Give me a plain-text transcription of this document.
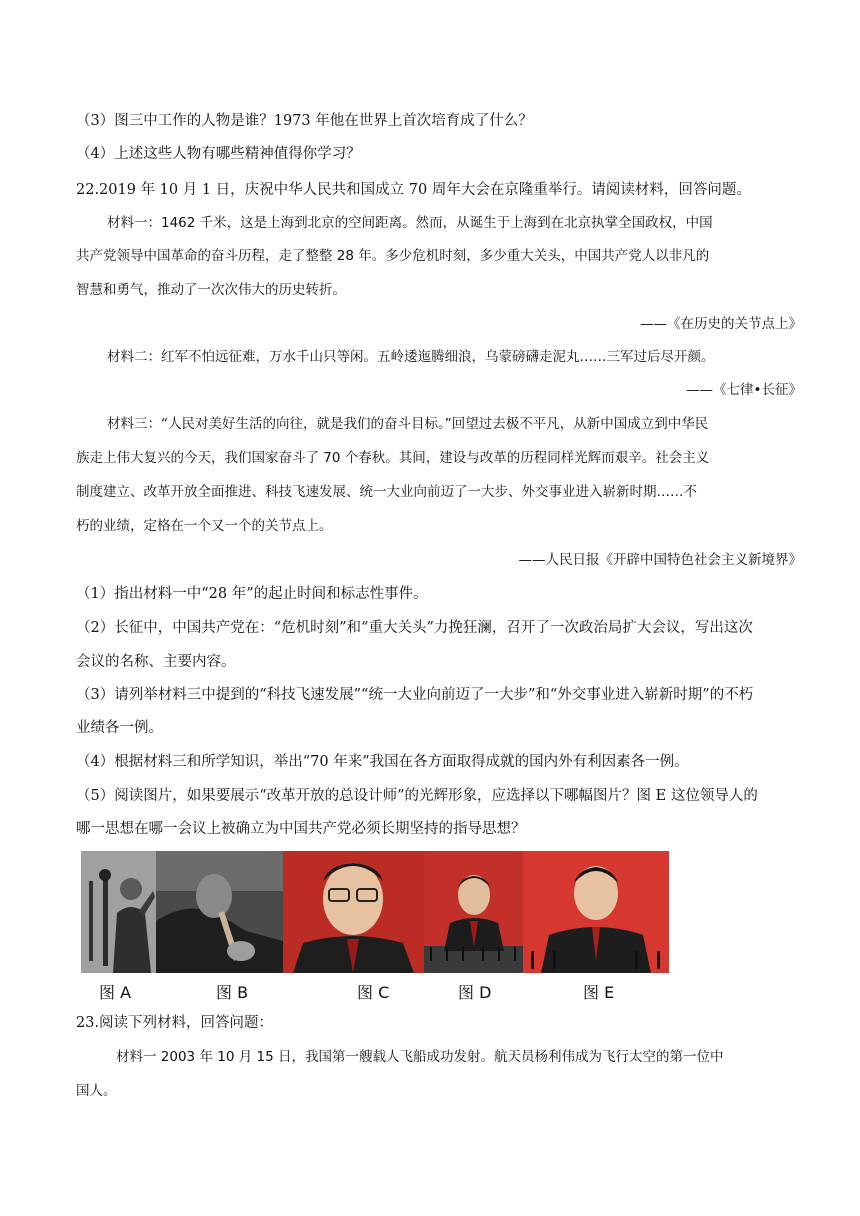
（3）图三中工作的人物是谁？1973 年他在世界上首次培育成了什么？
（4）上述这些人物有哪些精神值得你学习？
22.2019 年 10 月 1 日，庆祝中华人民共和国成立 70 周年大会在京隆重举行。请阅读材料，回答问题。
材料一：1462 千米，这是上海到北京的空间距离。然而，从诞生于上海到在北京执掌全国政权，中国
共产党领导中国革命的奋斗历程，走了整整 28 年。多少危机时刻，多少重大关头，中国共产党人以非凡的
智慧和勇气，推动了一次次伟大的历史转折。
——《在历史的关节点上》
材料二：红军不怕远征难，万水千山只等闲。五岭逶迤腾细浪，乌蒙磅礴走泥丸……三军过后尽开颜。
——《七律•长征》
材料三：“人民对美好生活的向往，就是我们的奋斗目标。”回望过去极不平凡，从新中国成立到中华民
族走上伟大复兴的今天，我们国家奋斗了 70 个春秋。其间，建设与改革的历程同样光辉而艰辛。社会主义
制度建立、改革开放全面推进、科技飞速发展、统一大业向前迈了一大步、外交事业进入崭新时期……不
朽的业绩，定格在一个又一个的关节点上。
——人民日报《开辟中国特色社会主义新境界》
（1）指出材料一中“28 年”的起止时间和标志性事件。
（2）长征中，中国共产党在：“危机时刻”和“重大关头”力挽狂澜，召开了一次政治局扩大会议，写出这次
会议的名称、主要内容。
（3）请列举材料三中提到的“科技飞速发展”“统一大业向前迈了一大步”和“外交事业进入崭新时期”的不朽
业绩各一例。
（4）根据材料三和所学知识，举出“70 年来”我国在各方面取得成就的国内外有利因素各一例。
（5）阅读图片，如果要展示“改革开放的总设计师”的光辉形象，应选择以下哪幅图片？图 E 这位领导人的
哪一思想在哪一会议上被确立为中国共产党必须长期坚持的指导思想？
图 A	图 B	图 C	图 D	图 E
23.阅读下列材料，回答问题：
材料一 2003 年 10 月 15 日，我国第一艘载人飞船成功发射。航天员杨利伟成为飞行太空的第一位中
国人。
